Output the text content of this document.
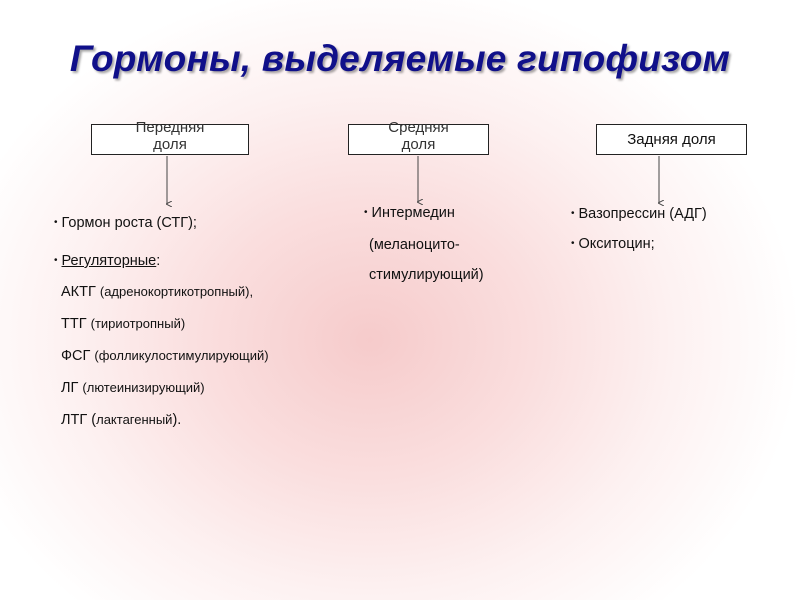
Гормоны, выделяемые гипофизом
Передняя
доля
Средняя
доля	Задняя доля
• Гормон роста (СТГ);
• Регуляторные:
АКТГ (адренокортикотропный),
ТТГ (тириотропный)
ФСГ (фолликулостимулирующий)
ЛГ (лютеинизирующий)
ЛТГ (лактагенный).
• Интермедин
(меланоцито-
стимулирующий)
• Вазопрессин (АДГ)
• Окситоцин;
